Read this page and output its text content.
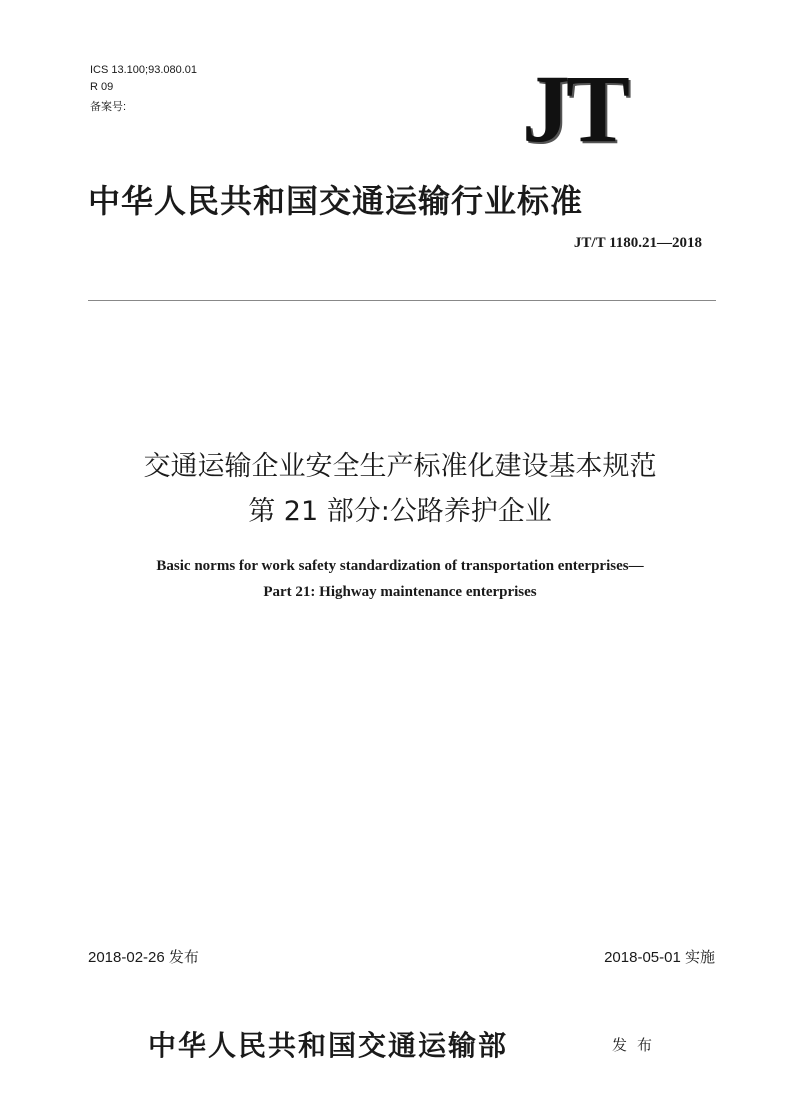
ICS 13.100;93.080.01
R 09
备案号:	JT
中华人民共和国交通运输行业标准
JT/T 1180.21—2018
交通运输企业安全生产标准化建设基本规范
第 21 部分:公路养护企业
Basic norms for work safety standardization of transportation enterprises—
Part 21: Highway maintenance enterprises
2018-02-26 发布	2018-05-01 实施
中华人民共和国交通运输部	发布
